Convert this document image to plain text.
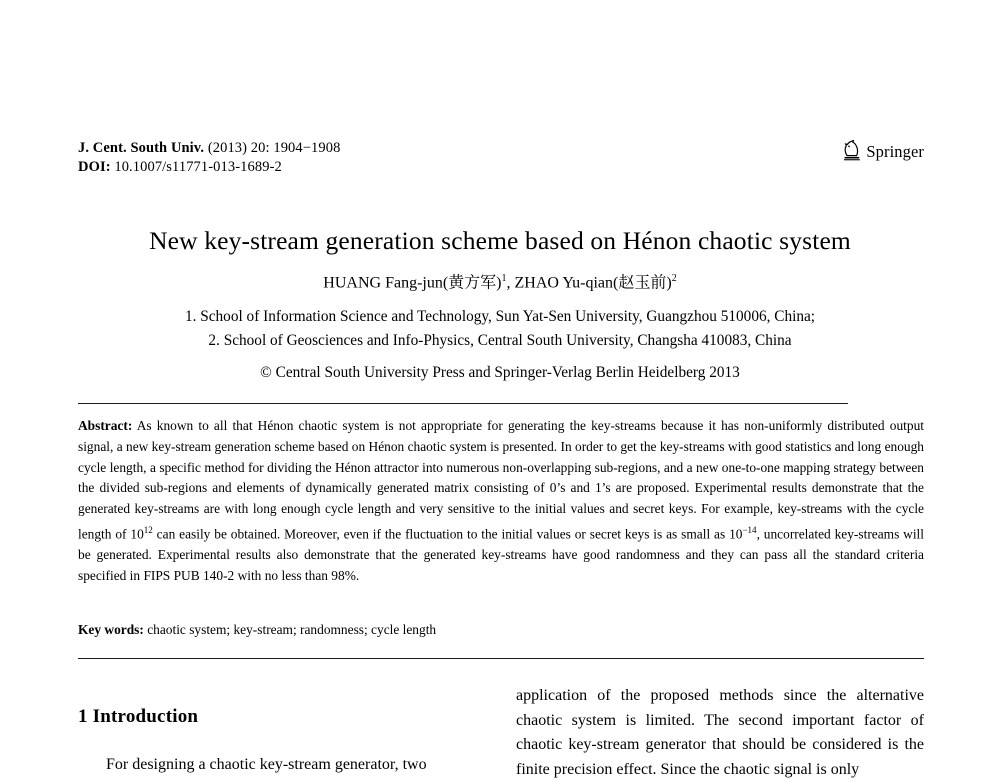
J. Cent. South Univ. (2013) 20: 1904−1908
DOI: 10.1007/s11771-013-1689-2
Springer
New key-stream generation scheme based on Hénon chaotic system
HUANG Fang-jun(黄方军)$^1$, ZHAO Yu-qian(赵玉前)$^2$
1. School of Information Science and Technology, Sun Yat-Sen University, Guangzhou 510006, China;
2. School of Geosciences and Info-Physics, Central South University, Changsha 410083, China
© Central South University Press and Springer-Verlag Berlin Heidelberg 2013
Abstract: As known to all that Hénon chaotic system is not appropriate for generating the key-streams because it has non-uniformly distributed output signal, a new key-stream generation scheme based on Hénon chaotic system is presented. In order to get the key-streams with good statistics and long enough cycle length, a specific method for dividing the Hénon attractor into numerous non-overlapping sub-regions, and a new one-to-one mapping strategy between the divided sub-regions and elements of dynamically generated matrix consisting of 0’s and 1’s are proposed. Experimental results demonstrate that the generated key-streams are with long enough cycle length and very sensitive to the initial values and secret keys. For example, key-streams with the cycle length of $10^{12}$ can easily be obtained. Moreover, even if the fluctuation to the initial values or secret keys is as small as $10^{-14}$, uncorrelated key-streams will be generated. Experimental results also demonstrate that the generated key-streams have good randomness and they can pass all the standard criteria specified in FIPS PUB 140-2 with no less than 98%.
Key words: chaotic system; key-stream; randomness; cycle length
1 Introduction

For designing a chaotic key-stream generator, two

application of the proposed methods since the alternative chaotic system is limited. The second important factor of chaotic key-stream generator that should be considered is the finite precision effect. Since the chaotic signal is only
